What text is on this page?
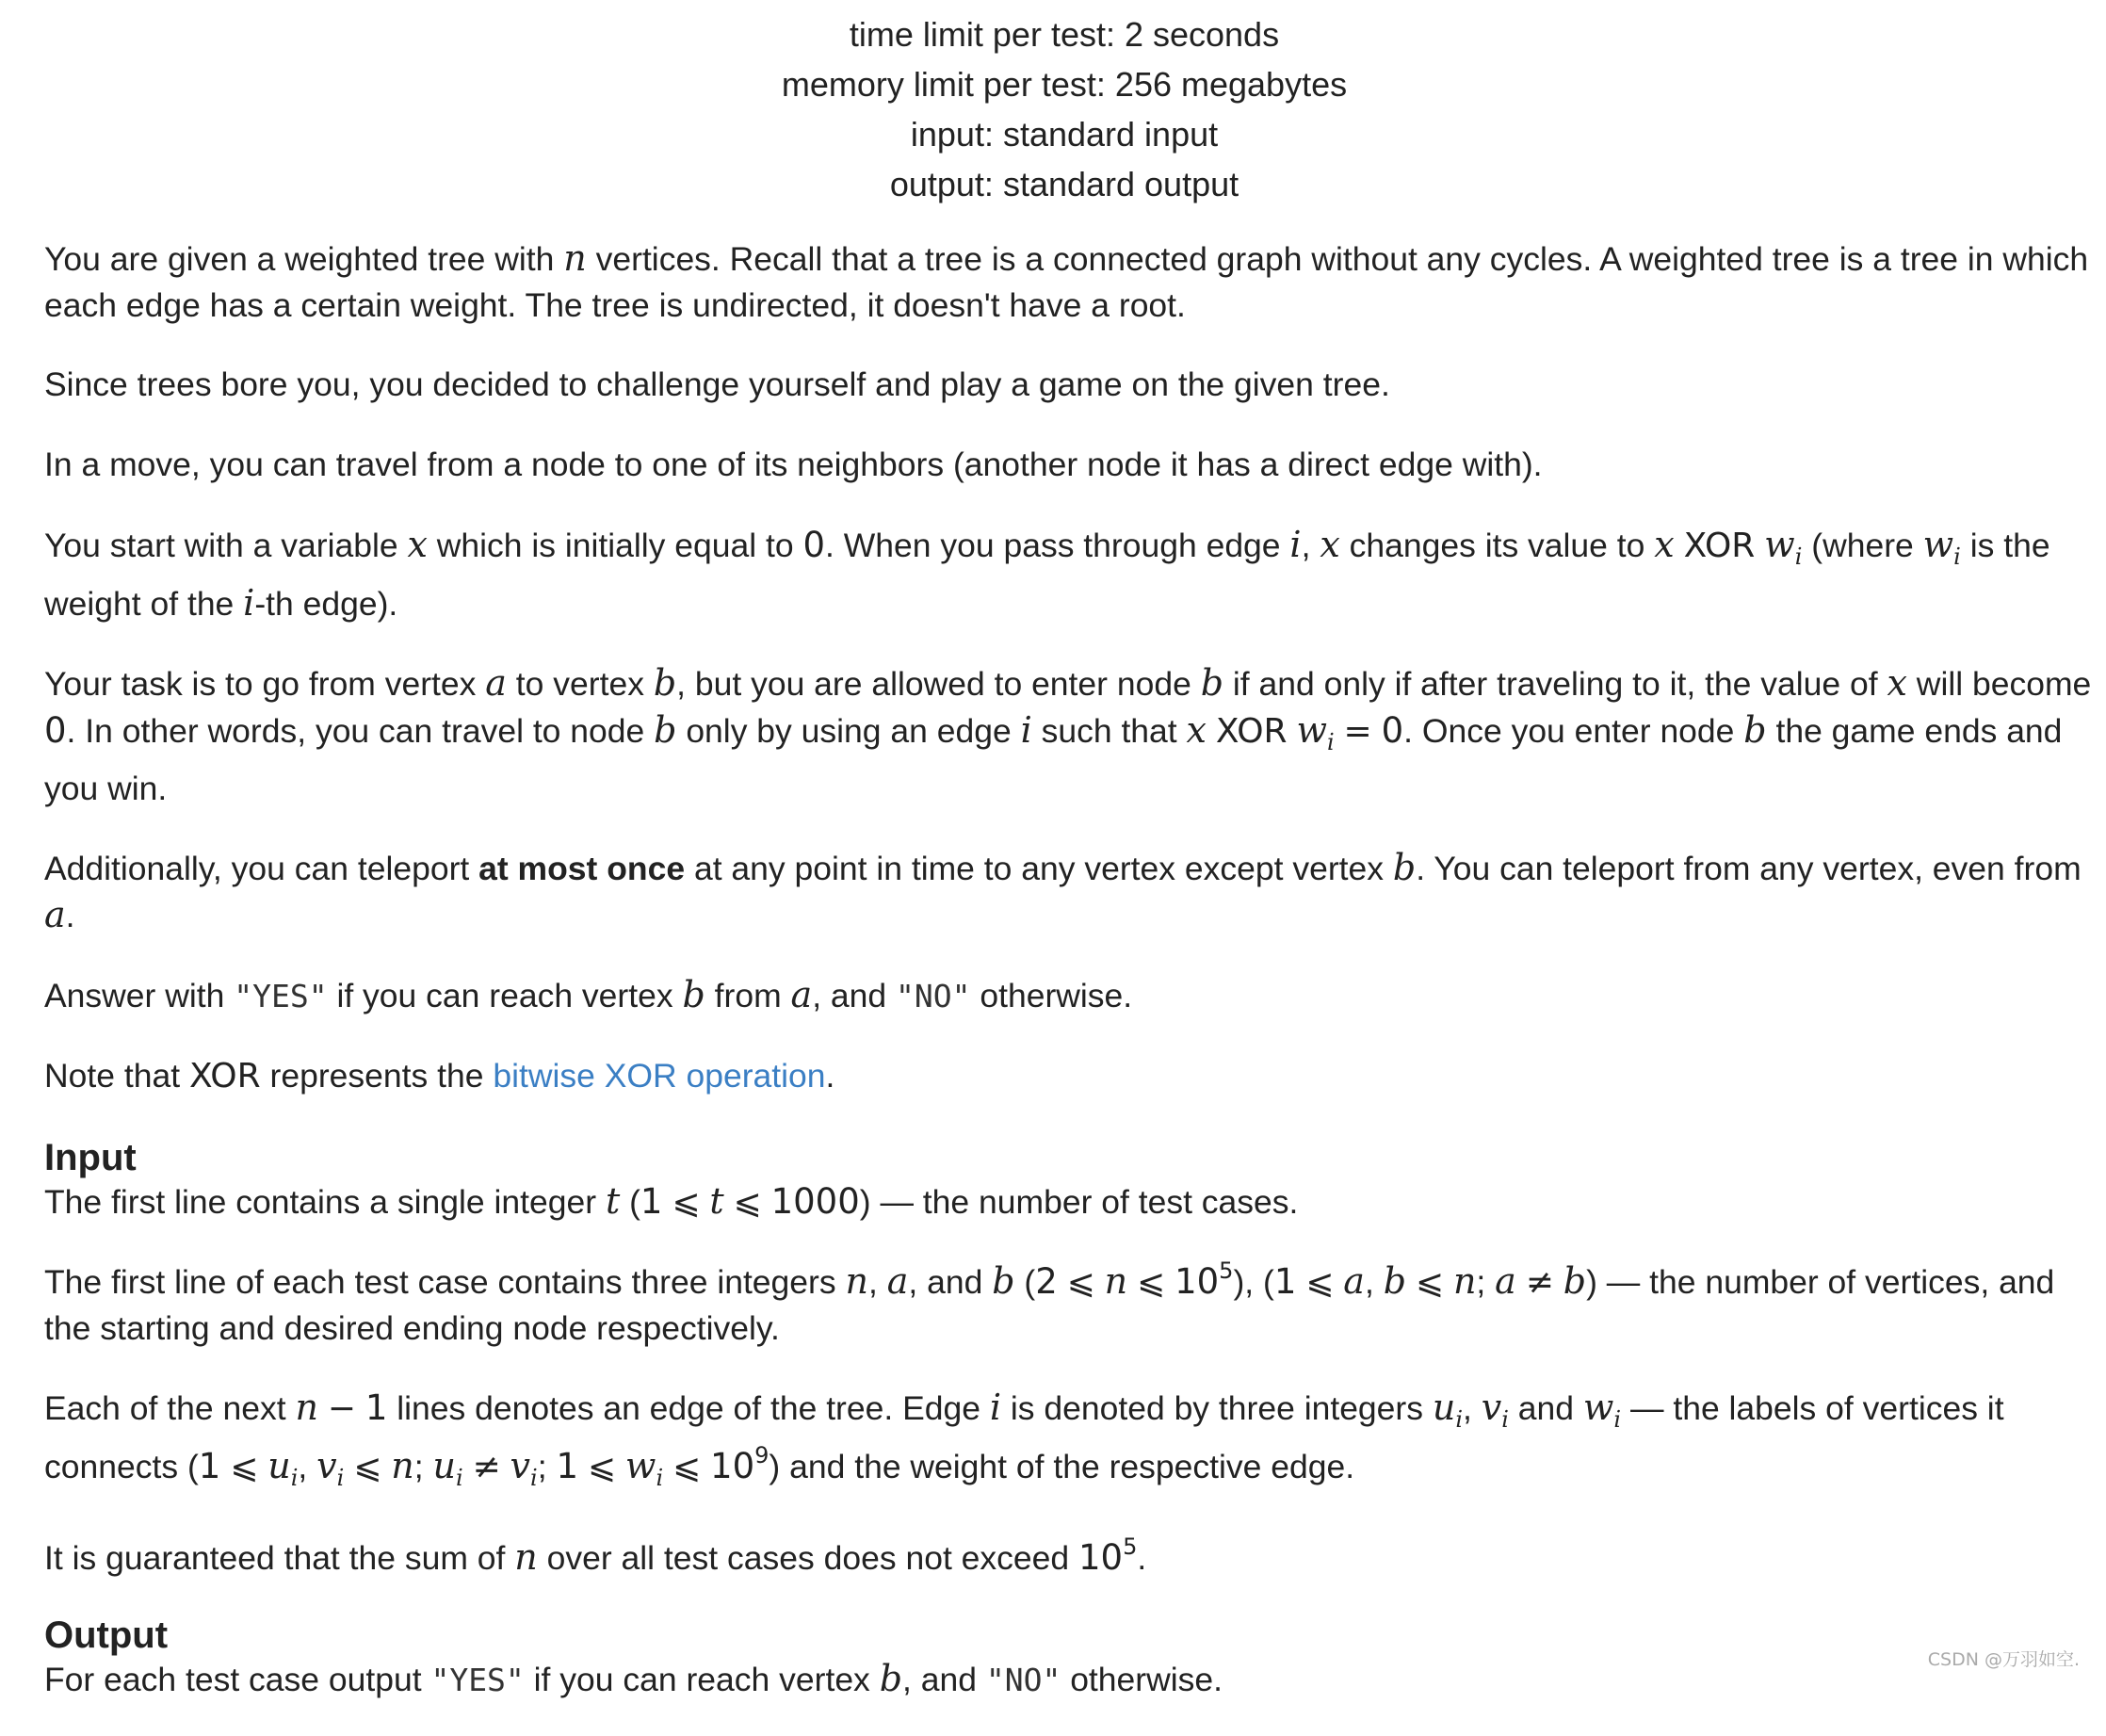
time limit per test: 2 seconds
memory limit per test: 256 megabytes
input: standard input
output: standard output

You are given a weighted tree with n vertices. Recall that a tree is a connected graph without any cycles. A weighted tree is a tree in which each edge has a certain weight. The tree is undirected, it doesn't have a root.

Since trees bore you, you decided to challenge yourself and play a game on the given tree.

In a move, you can travel from a node to one of its neighbors (another node it has a direct edge with).

You start with a variable x which is initially equal to 0. When you pass through edge i, x changes its value to x XOR $w_i$ (where $w_i$ is the weight of the i-th edge).

Your task is to go from vertex a to vertex b, but you are allowed to enter node b if and only if after traveling to it, the value of x will become 0. In other words, you can travel to node b only by using an edge i such that x XOR $w_i = 0$. Once you enter node b the game ends and you win.

Additionally, you can teleport at most once at any point in time to any vertex except vertex b. You can teleport from any vertex, even from a.

Answer with "YES" if you can reach vertex b from a, and "NO" otherwise.

Note that XOR represents the bitwise XOR operation.

Input

The first line contains a single integer t (1 ⩽ t ⩽ 1000) — the number of test cases.

The first line of each test case contains three integers n, a, and b (2 ⩽ n ⩽ $10^5$), (1 ⩽ a, b ⩽ n; a ≠ b) — the number of vertices, and the starting and desired ending node respectively.

Each of the next n − 1 lines denotes an edge of the tree. Edge i is denoted by three integers $u_i$, $v_i$ and $w_i$ — the labels of vertices it connects (1 ⩽ $u_i$, $v_i$ ⩽ n; $u_i \ne v_i$; 1 ⩽ $w_i$ ⩽ $10^9$) and the weight of the respective edge.

It is guaranteed that the sum of n over all test cases does not exceed $10^5$.

Output

For each test case output "YES" if you can reach vertex b, and "NO" otherwise.

CSDN @万羽如空.
